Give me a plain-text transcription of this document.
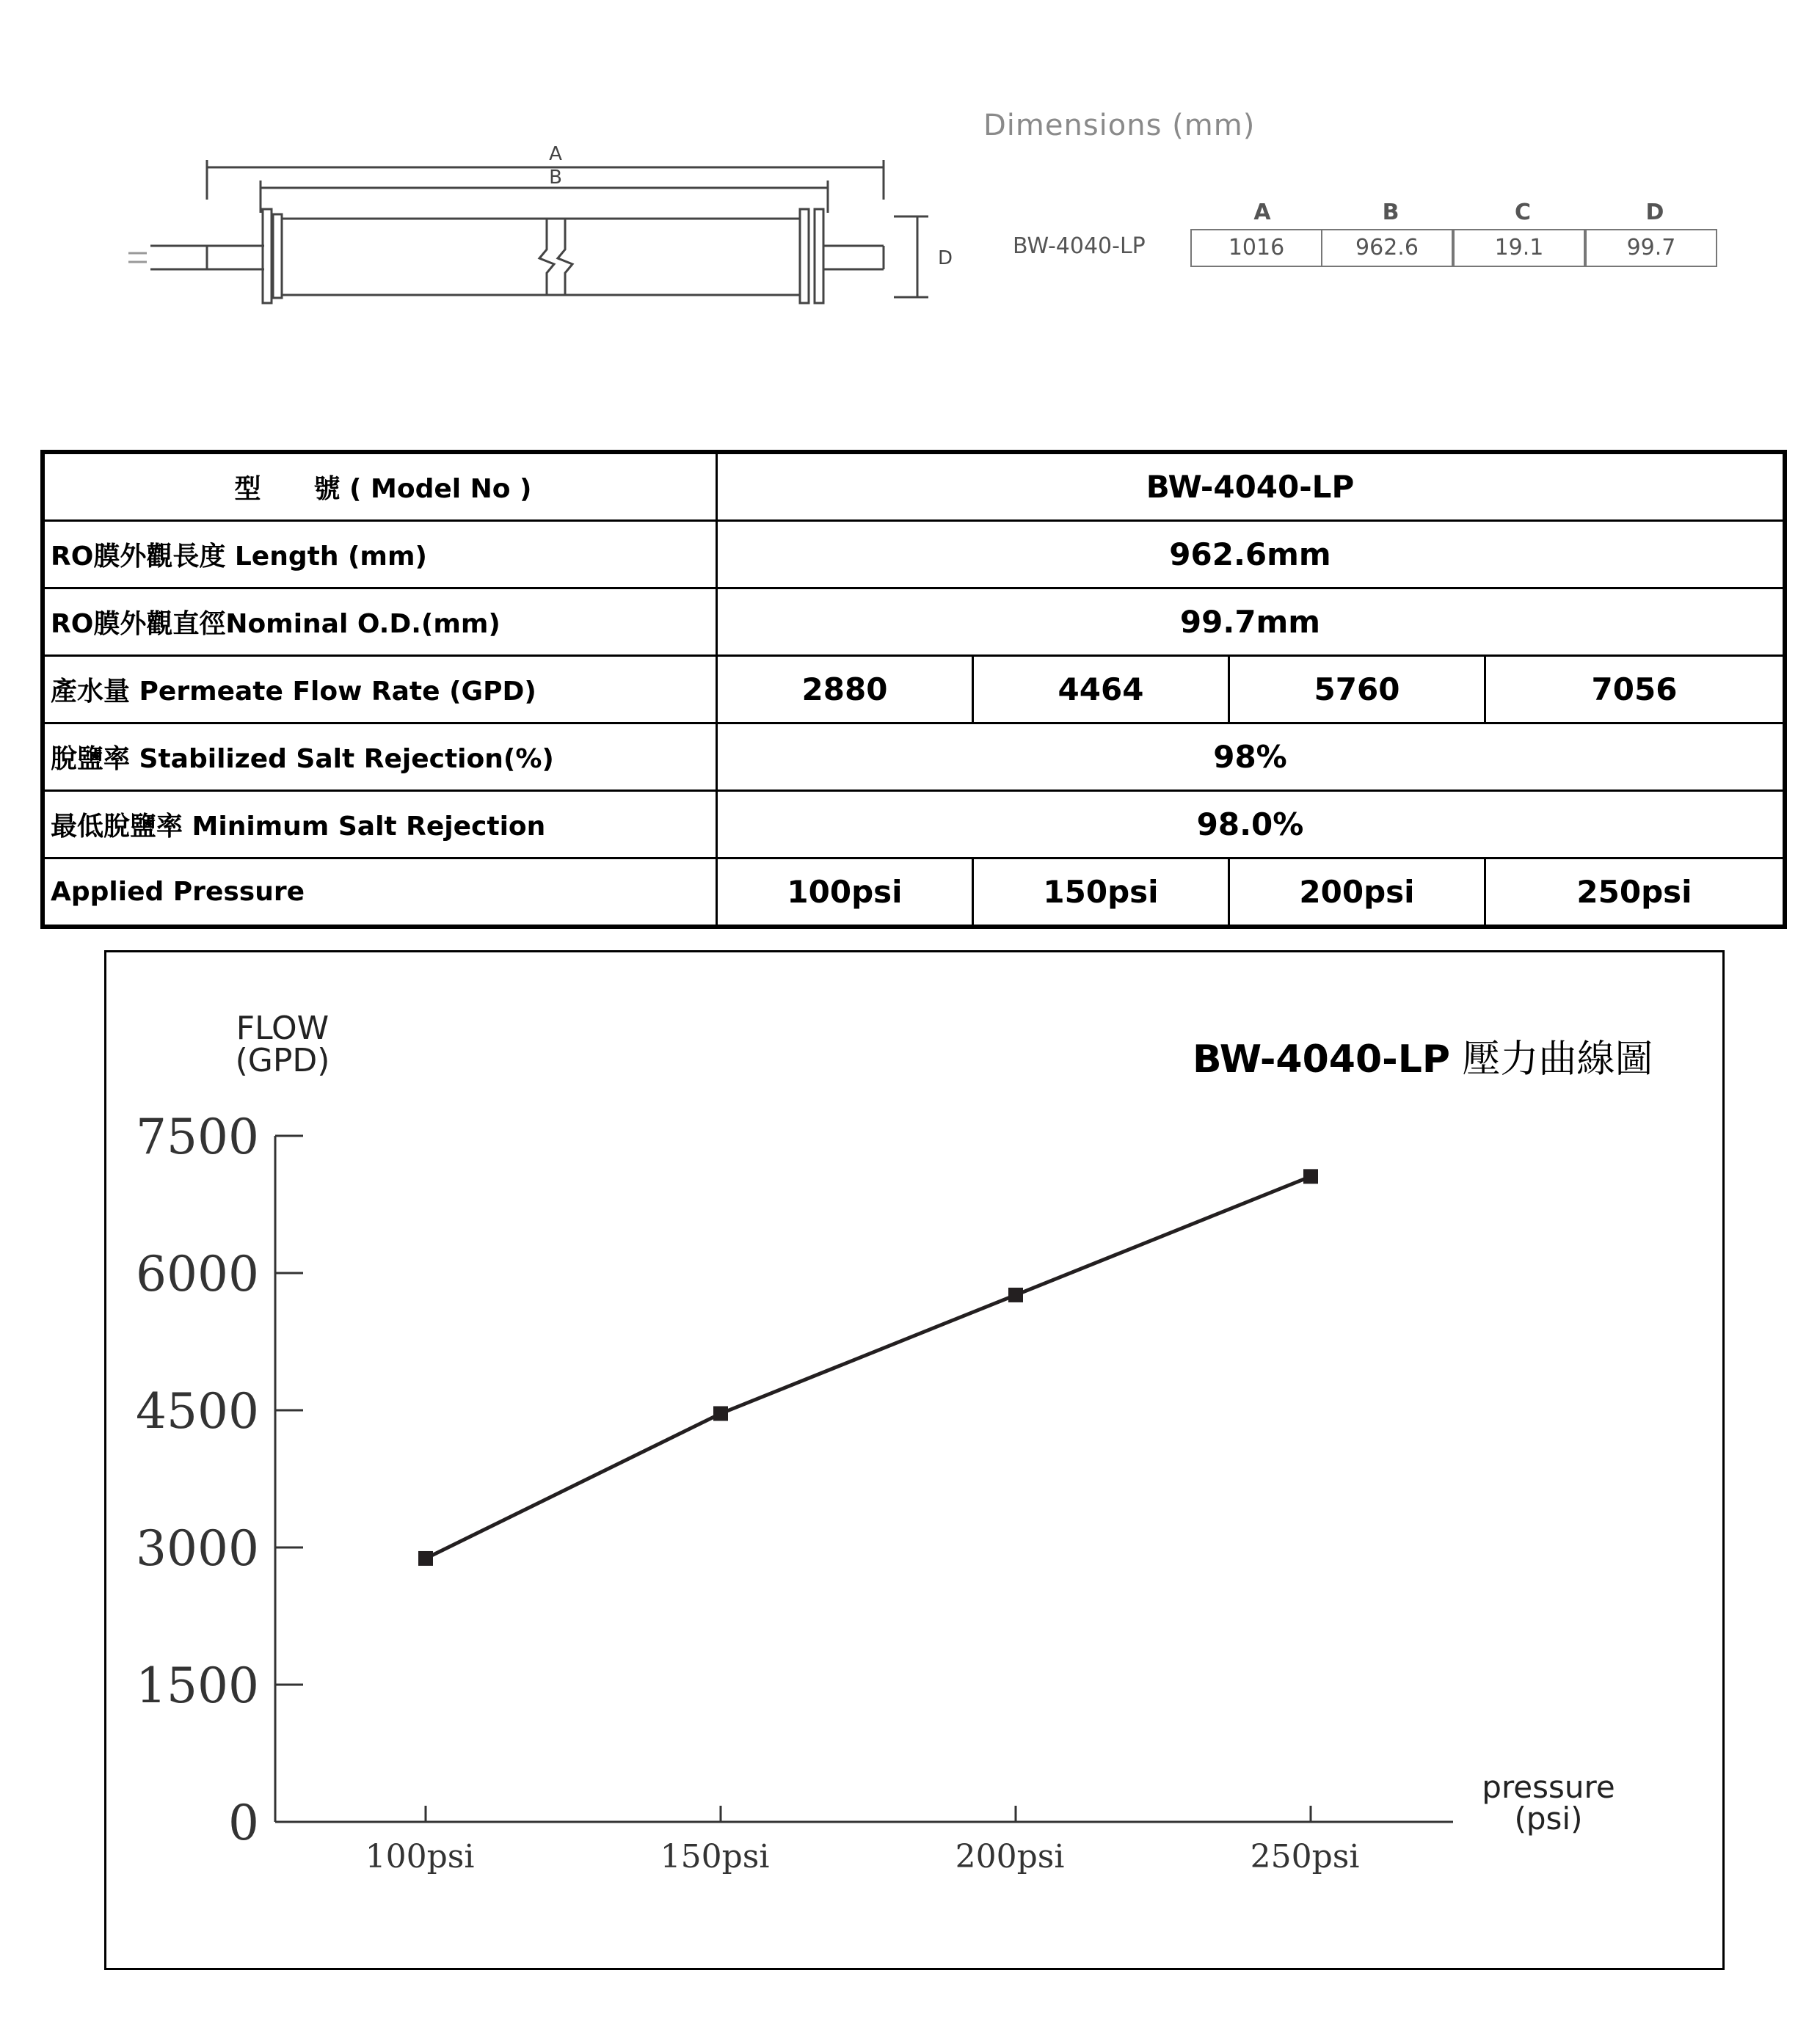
A
B
D
Dimensions (mm)
BW-4040-LP
A	B	C	D
1016	962.6	19.1	99.7
型　　號 ( Model No )	BW-4040-LP			
RO膜外觀長度 Length (mm)	962.6mm			
RO膜外觀直徑Nominal O.D.(mm)	99.7mm			
產水量 Permeate Flow Rate (GPD)	2880	4464	5760	7056
脫鹽率 Stabilized Salt Rejection(%)	98%			
最低脫鹽率 Minimum Salt Rejection	98.0%			
Applied Pressure	100psi	150psi	200psi	250psi
BW-4040-LP 壓力曲線圖
FLOW
(GPD)
pressure
(psi)
0
1500
3000
4500
6000
7500
100psi	150psi	200psi	250psi
